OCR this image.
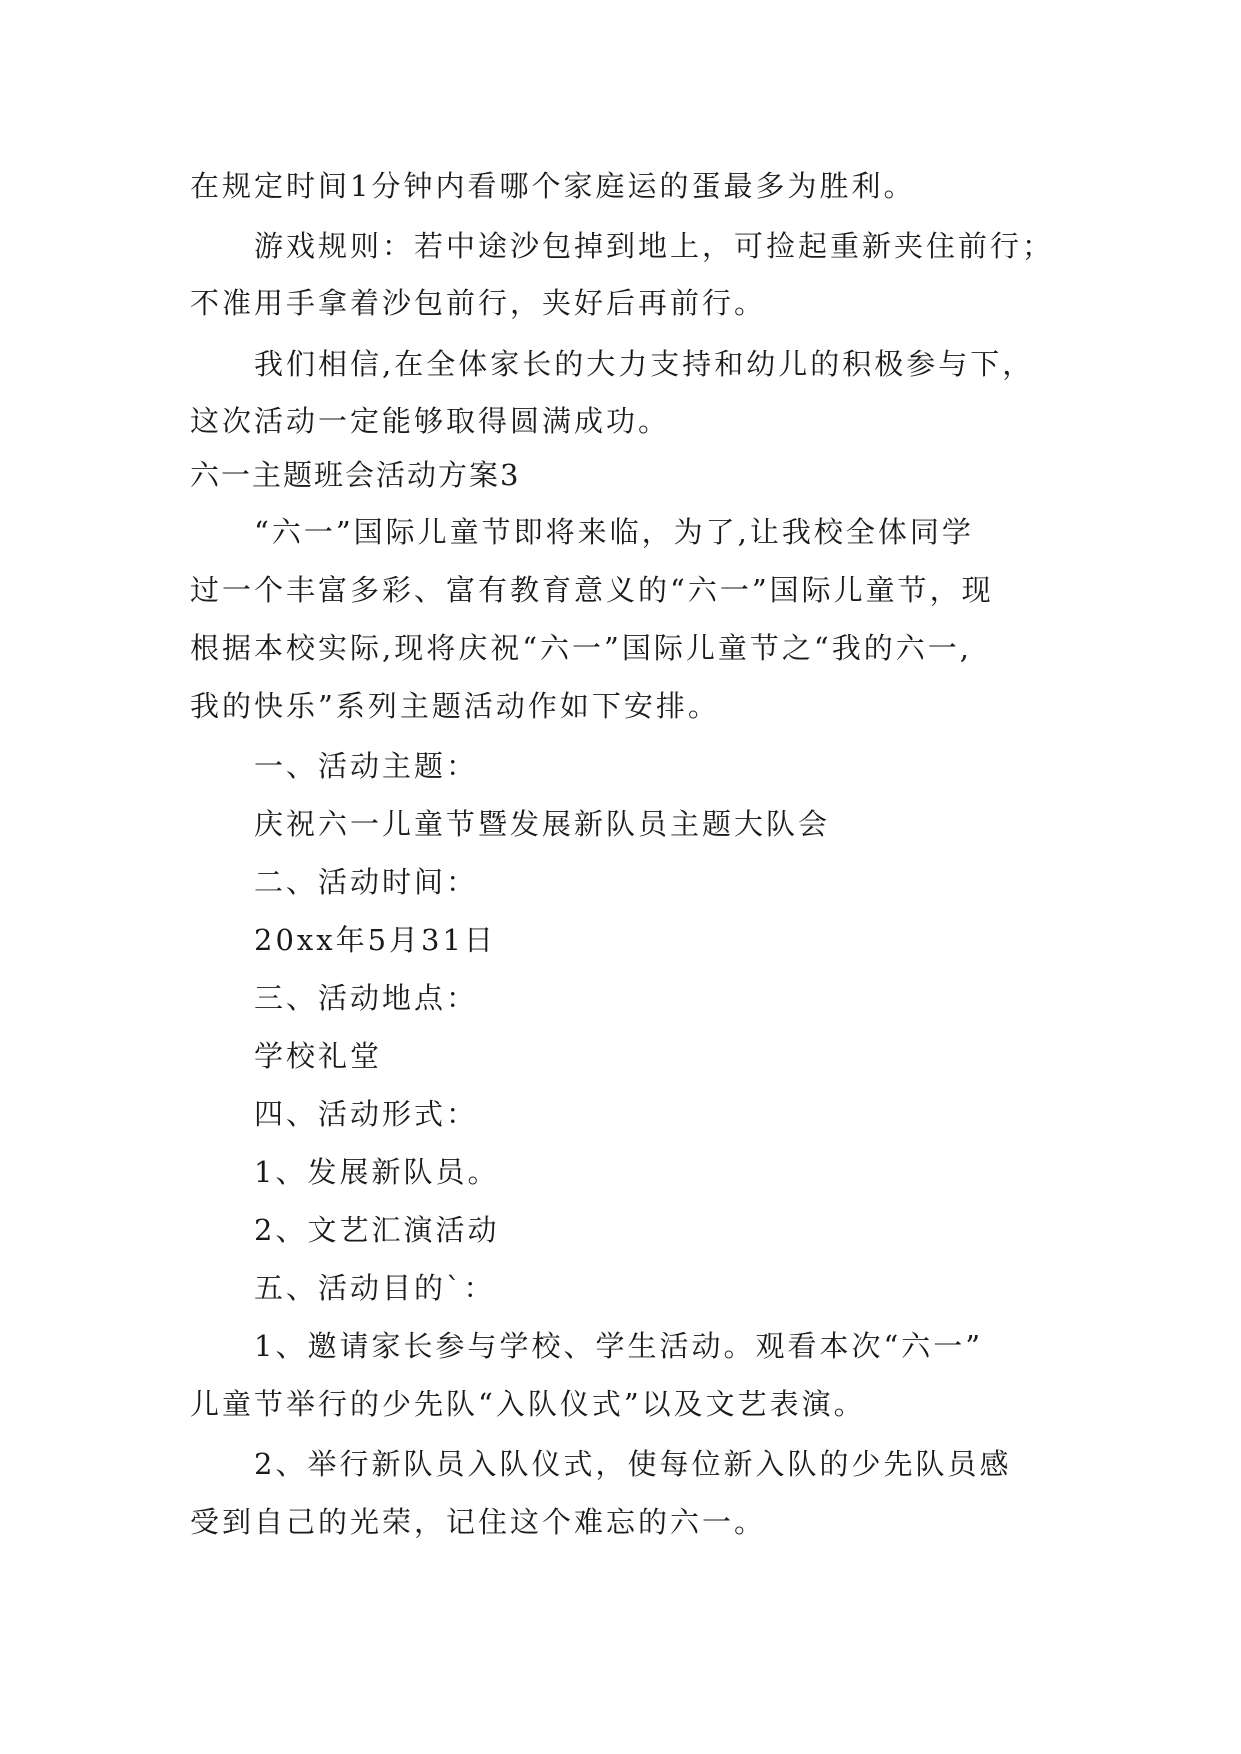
在规定时间1分钟内看哪个家庭运的蛋最多为胜利。
游戏规则：若中途沙包掉到地上，可捡起重新夹住前行；
不准用手拿着沙包前行，夹好后再前行。
我们相信,在全体家长的大力支持和幼儿的积极参与下，
这次活动一定能够取得圆满成功。
六一主题班会活动方案3
“六一”国际儿童节即将来临，为了,让我校全体同学
过一个丰富多彩、富有教育意义的“六一”国际儿童节，现
根据本校实际,现将庆祝“六一”国际儿童节之“我的六一,
我的快乐”系列主题活动作如下安排。
一、活动主题：
庆祝六一儿童节暨发展新队员主题大队会
二、活动时间：
20xx年5月31日
三、活动地点：
学校礼堂
四、活动形式：
1、发展新队员。
2、文艺汇演活动
五、活动目的`：
1、邀请家长参与学校、学生活动。观看本次“六一”
儿童节举行的少先队“入队仪式”以及文艺表演。
2、举行新队员入队仪式，使每位新入队的少先队员感
受到自己的光荣，记住这个难忘的六一。
